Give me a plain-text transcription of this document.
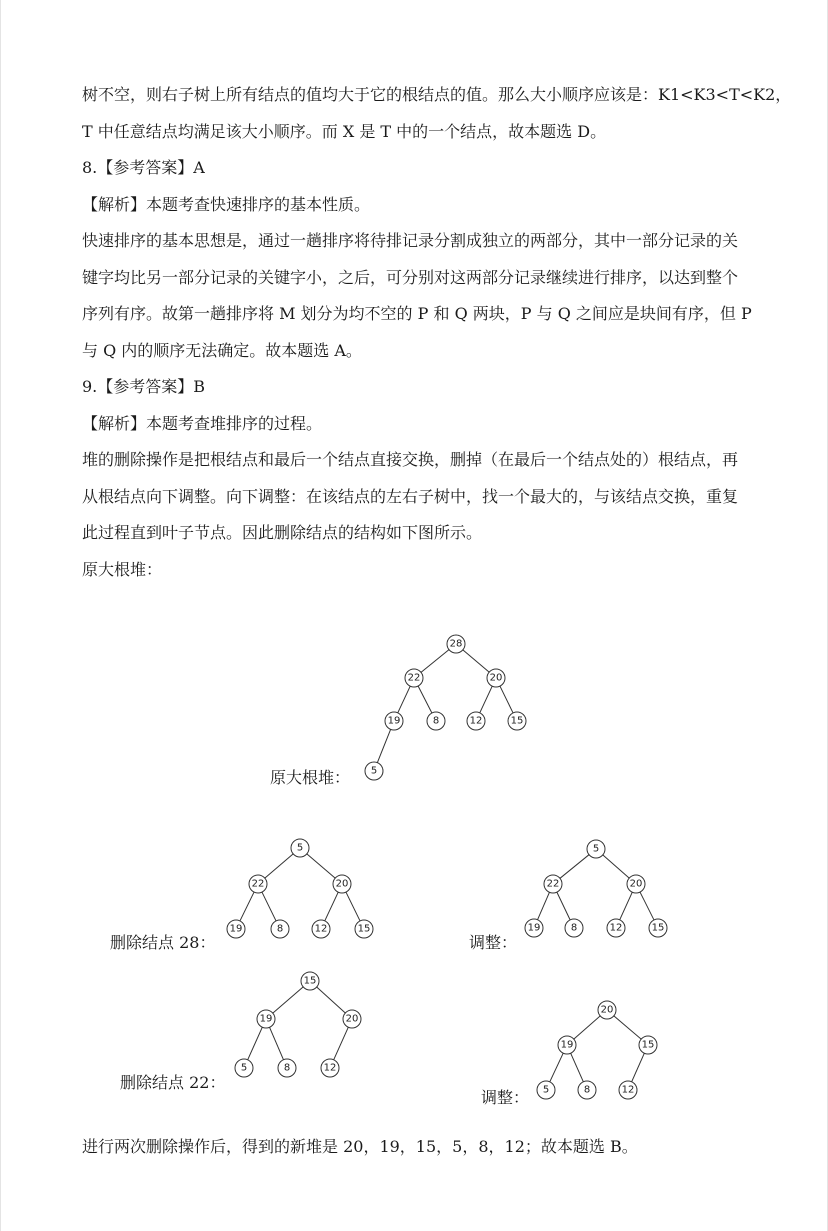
树不空，则右子树上所有结点的值均大于它的根结点的值。那么大小顺序应该是：K1<K3<T<K2，
T 中任意结点均满足该大小顺序。而 X 是 T 中的一个结点，故本题选 D。
8.【参考答案】A
【解析】本题考查快速排序的基本性质。
快速排序的基本思想是，通过一趟排序将待排记录分割成独立的两部分，其中一部分记录的关
键字均比另一部分记录的关键字小，之后，可分别对这两部分记录继续进行排序，以达到整个
序列有序。故第一趟排序将 M 划分为均不空的 P 和 Q 两块，P 与 Q 之间应是块间有序，但 P
与 Q 内的顺序无法确定。故本题选 A。
9.【参考答案】B
【解析】本题考查堆排序的过程。
堆的删除操作是把根结点和最后一个结点直接交换，删掉（在最后一个结点处的）根结点，再
从根结点向下调整。向下调整：在该结点的左右子树中，找一个最大的，与该结点交换，重复
此过程直到叶子节点。因此删除结点的结构如下图所示。
原大根堆：
原大根堆：
删除结点 28：	调整：
删除结点 22：
调整：
28
22	20
19	8	12	15
5
5
22	20
19	8	12	15
5
22	20
19	8	12	15
15
19	20
5	8	12
20
19	15
5	8	12
进行两次删除操作后，得到的新堆是 20，19，15，5，8，12；故本题选 B。
